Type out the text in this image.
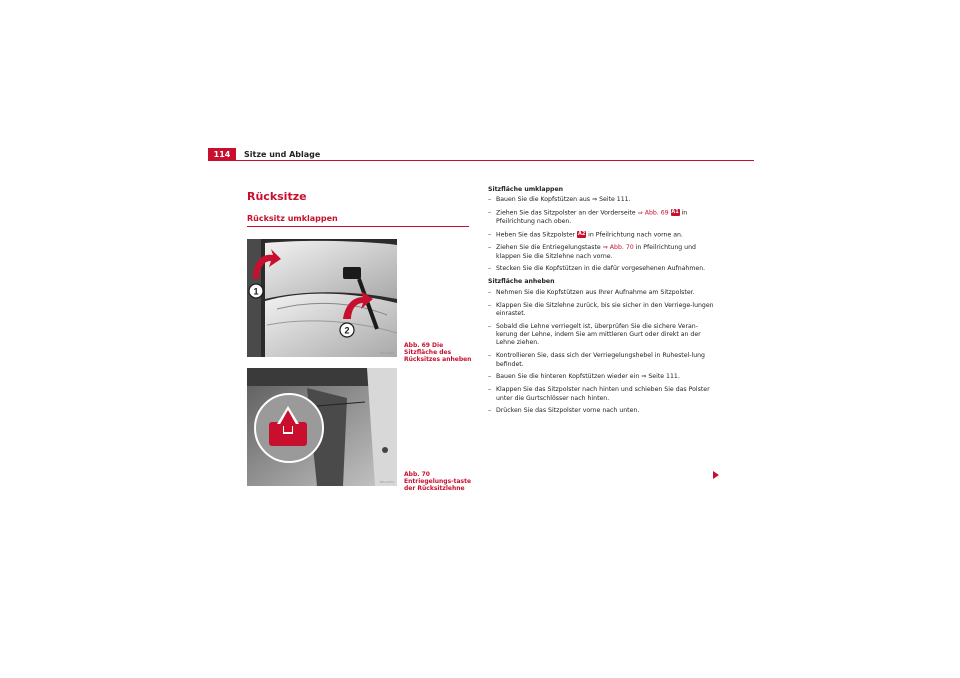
114	Sitze und Ablage
Rücksitze
Rücksitz umklappen
1
2
B6L-0053
Abb. 69 Die Sitzfläche des Rücksitzes anheben
B6L-0054
Abb. 70 Entriegelungs-taste der Rücksitzlehne
Sitzfläche umklappen
– Bauen Sie die Kopfstützen aus ⇒ Seite 111.
– Ziehen Sie das Sitzpolster an der Vorderseite ⇒ Abb. 69 A1 in Pfeilrichtung nach oben.
– Heben Sie das Sitzpolster A2 in Pfeilrichtung nach vorne an.
– Ziehen Sie die Entriegelungstaste ⇒ Abb. 70 in Pfeilrichtung und klappen Sie die Sitzlehne nach vorne.
– Stecken Sie die Kopfstützen in die dafür vorgesehenen Aufnahmen.
Sitzfläche anheben
– Nehmen Sie die Kopfstützen aus Ihrer Aufnahme am Sitzpolster.
– Klappen Sie die Sitzlehne zurück, bis sie sicher in den Verriege-lungen einrastet.
– Sobald die Lehne verriegelt ist, überprüfen Sie die sichere Veran-kerung der Lehne, indem Sie am mittleren Gurt oder direkt an der Lehne ziehen.
– Kontrollieren Sie, dass sich der Verriegelungshebel in Ruhestel-lung befindet.
– Bauen Sie die hinteren Kopfstützen wieder ein ⇒ Seite 111.
– Klappen Sie das Sitzpolster nach hinten und schieben Sie das Polster unter die Gurtschlösser nach hinten.
– Drücken Sie das Sitzpolster vorne nach unten.
